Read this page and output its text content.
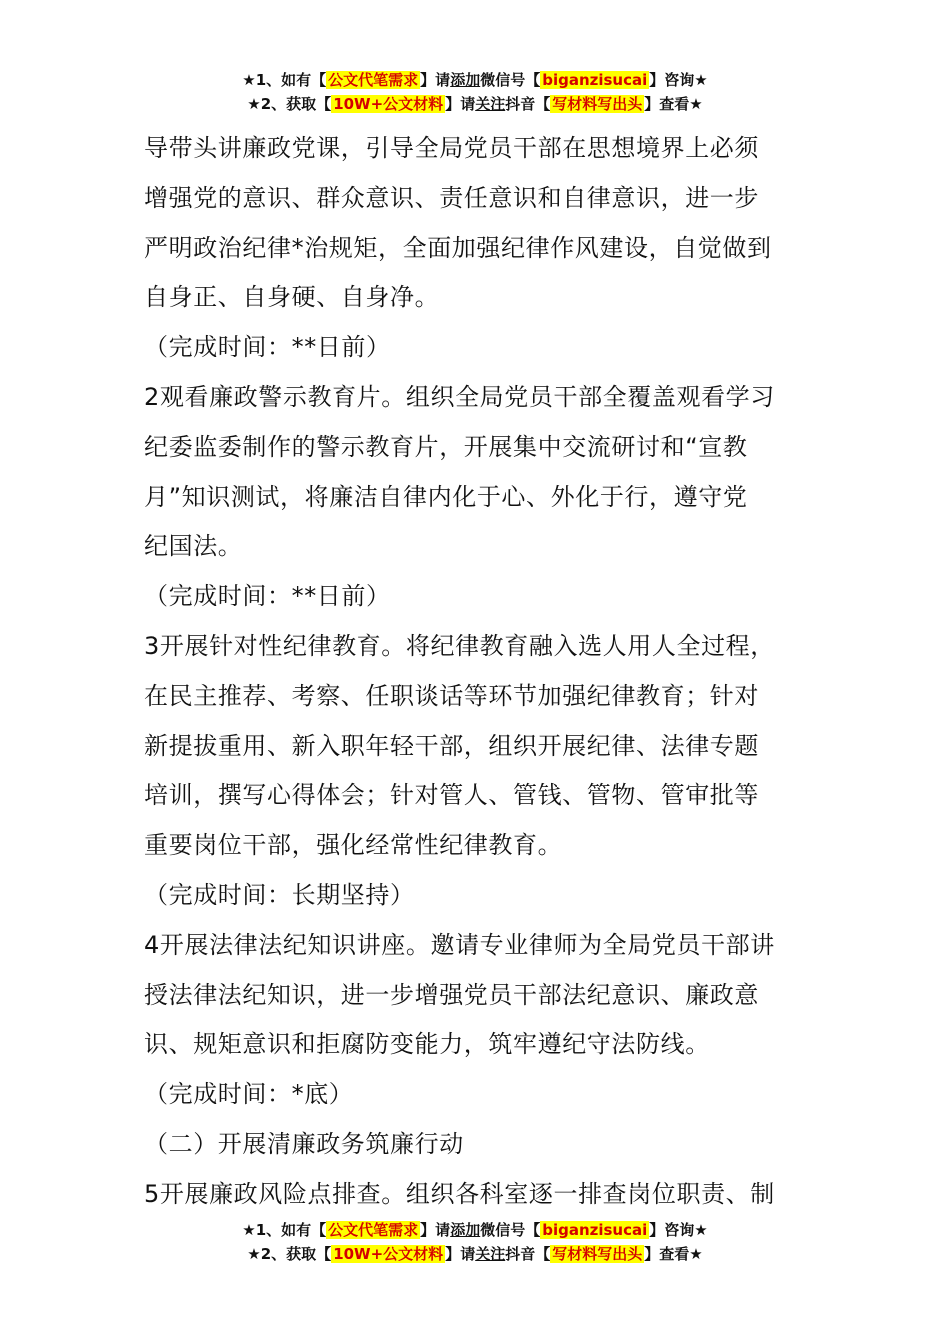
★1、如有【 公文代笔需求 】请添加微信号【 biganzisucai 】咨询★
★2、获取【 10W+公文材料 】请关注抖音【 写材料写出头 】查看★

导带头讲廉政党课，引导全局党员干部在思想境界上必须

增强党的意识、群众意识、责任意识和自律意识，进一步

严明政治纪律*治规矩，全面加强纪律作风建设，自觉做到

自身正、自身硬、自身净。

（完成时间：**日前）

2观看廉政警示教育片。组织全局党员干部全覆盖观看学习

纪委监委制作的警示教育片，开展集中交流研讨和“宣教

月”知识测试，将廉洁自律内化于心、外化于行，遵守党

纪国法。

（完成时间：**日前）

3开展针对性纪律教育。将纪律教育融入选人用人全过程，

在民主推荐、考察、任职谈话等环节加强纪律教育；针对

新提拔重用、新入职年轻干部，组织开展纪律、法律专题

培训，撰写心得体会；针对管人、管钱、管物、管审批等

重要岗位干部，强化经常性纪律教育。

（完成时间：长期坚持）

4开展法律法纪知识讲座。邀请专业律师为全局党员干部讲

授法律法纪知识，进一步增强党员干部法纪意识、廉政意

识、规矩意识和拒腐防变能力，筑牢遵纪守法防线。

（完成时间：*底）

（二）开展清廉政务筑廉行动

5开展廉政风险点排查。组织各科室逐一排查岗位职责、制

★1、如有【 公文代笔需求 】请添加微信号【 biganzisucai 】咨询★
★2、获取【 10W+公文材料 】请关注抖音【 写材料写出头 】查看★
